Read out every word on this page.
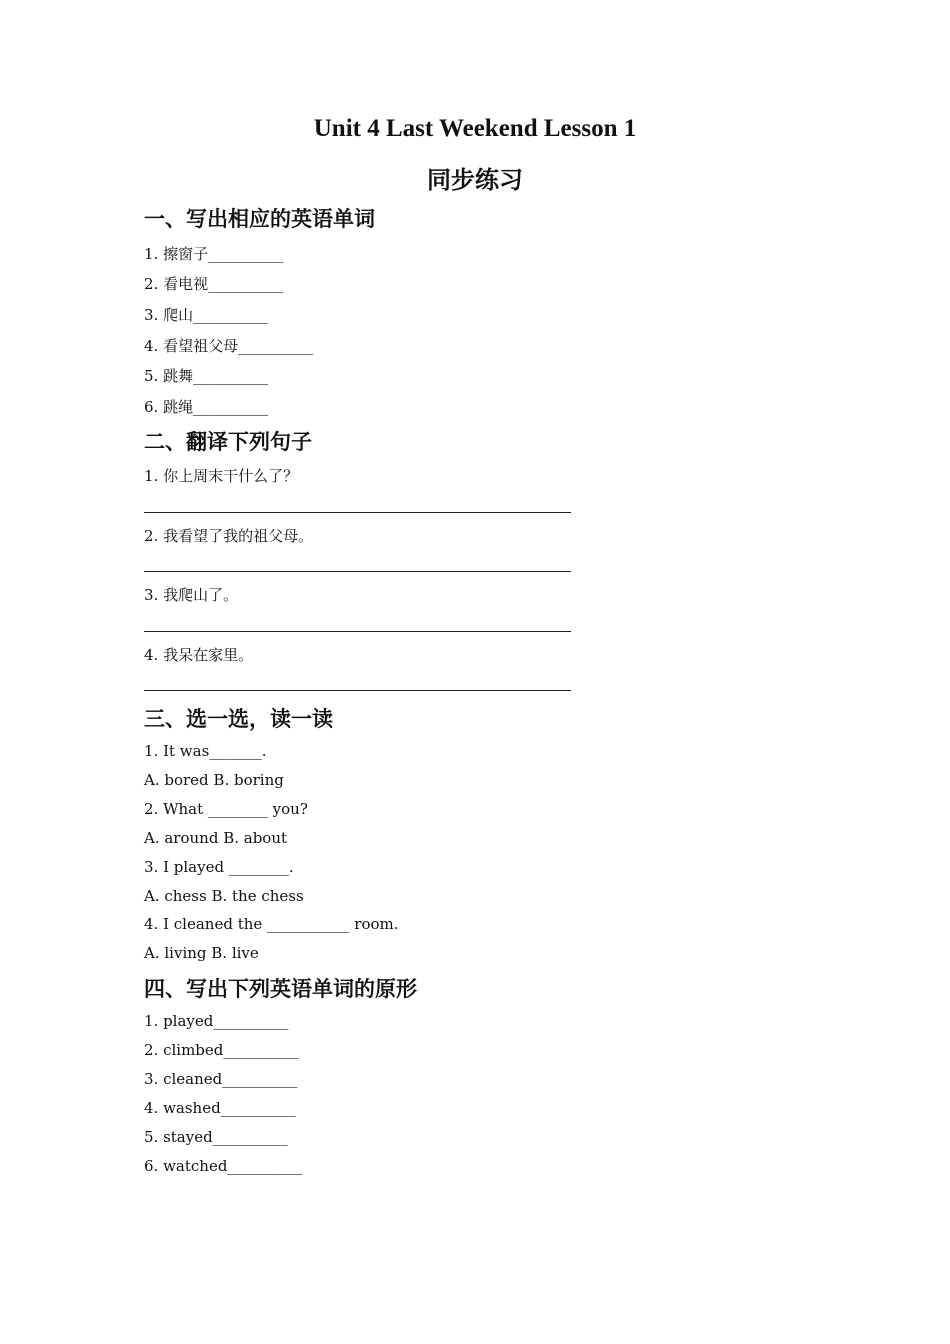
Unit 4 Last Weekend Lesson 1
同步练习
一、写出相应的英语单词
1. 擦窗子__________
2. 看电视__________
3. 爬山__________
4. 看望祖父母__________
5. 跳舞__________
6. 跳绳__________
二、翻译下列句子
1. 你上周末干什么了？
2. 我看望了我的祖父母。
3. 我爬山了。
4. 我呆在家里。
三、选一选，读一读
1. It was_______.
A. bored B. boring
2. What ________ you?
A. around B. about
3. I played ________.
A. chess B. the chess
4. I cleaned the ___________ room.
A. living B. live
四、写出下列英语单词的原形
1. played__________
2. climbed__________
3. cleaned__________
4. washed__________
5. stayed__________
6. watched__________
